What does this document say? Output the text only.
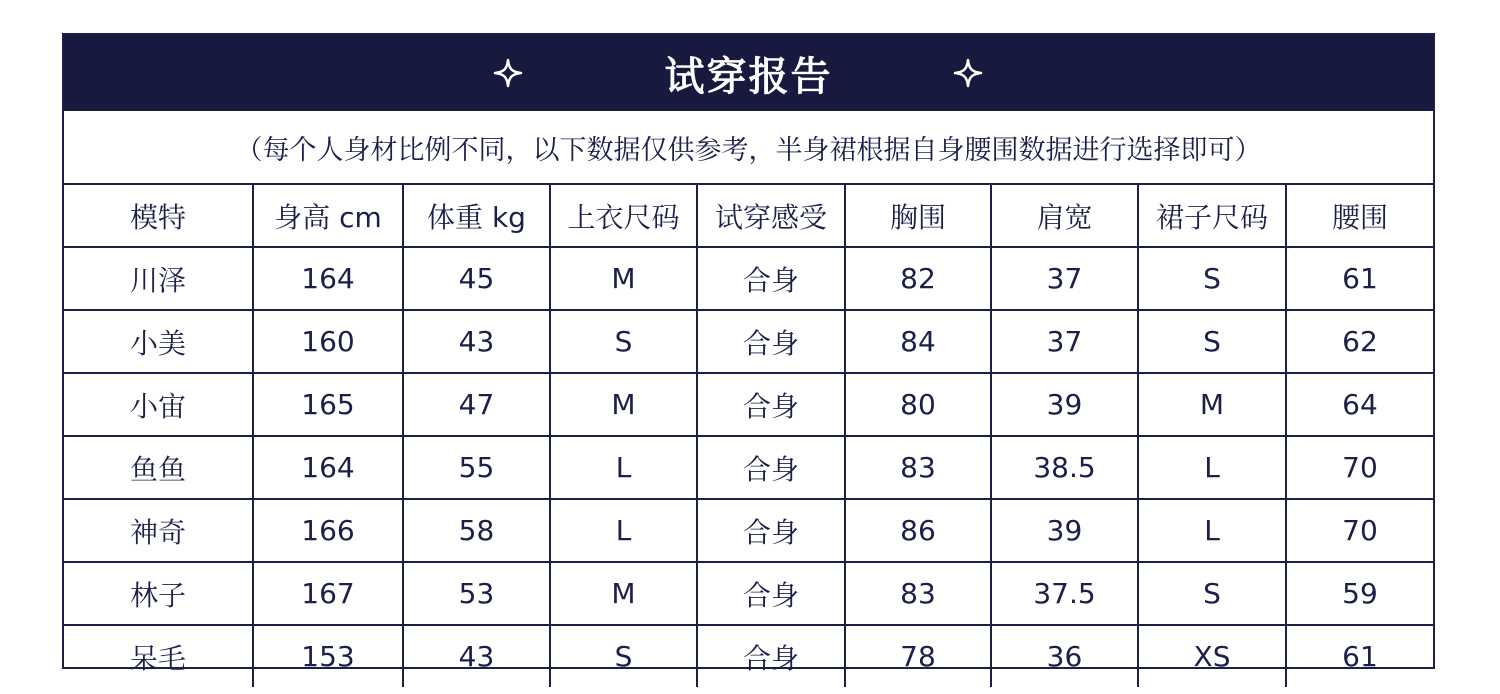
试穿报告
（每个人身材比例不同，以下数据仅供参考，半身裙根据自身腰围数据进行选择即可）
模特	身高 cm	体重 kg	上衣尺码	试穿感受	胸围	肩宽	裙子尺码	腰围
川泽	164	45	M	合身	82	37	S	61
小美	160	43	S	合身	84	37	S	62
小宙	165	47	M	合身	80	39	M	64
鱼鱼	164	55	L	合身	83	38.5	L	70
神奇	166	58	L	合身	86	39	L	70
林子	167	53	M	合身	83	37.5	S	59
呆毛	153	43	S	合身	78	36	XS	61
